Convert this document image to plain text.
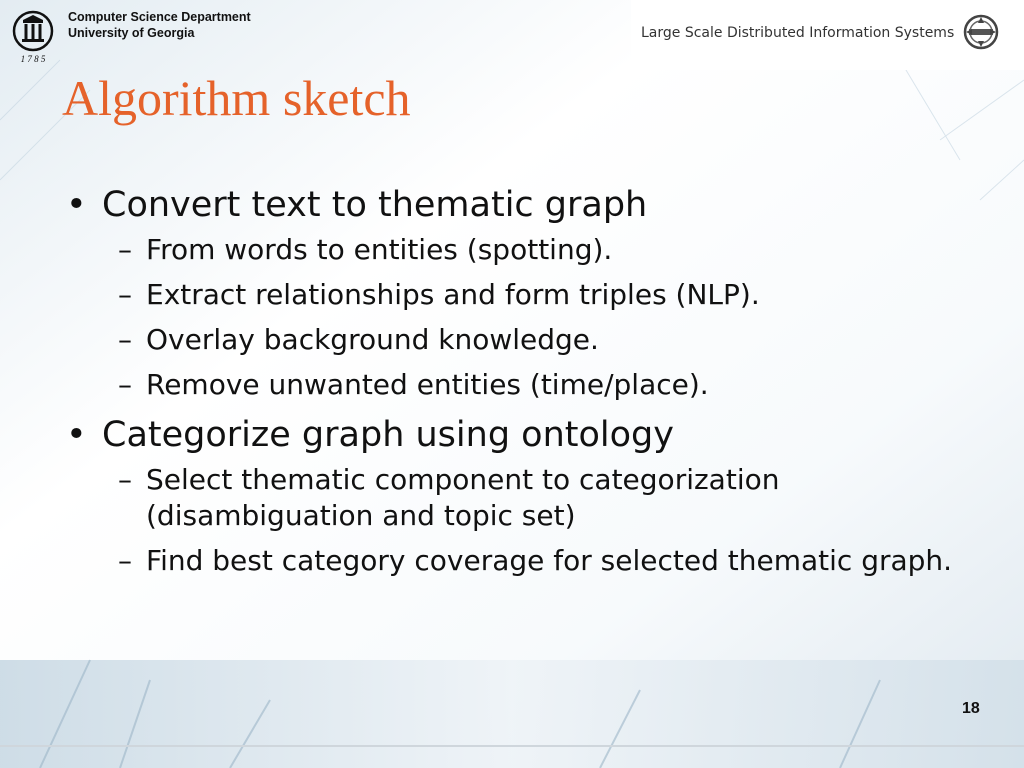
1 7 8 5
Computer Science Department
University of Georgia	Large Scale Distributed Information Systems
Algorithm sketch
• Convert text to thematic graph
– From words to entities (spotting).
– Extract relationships and form triples (NLP).
– Overlay background knowledge.
– Remove unwanted entities (time/place).
• Categorize graph using ontology
– Select thematic component to categorization (disambiguation and topic set)
– Find best category coverage for selected thematic graph.
18
